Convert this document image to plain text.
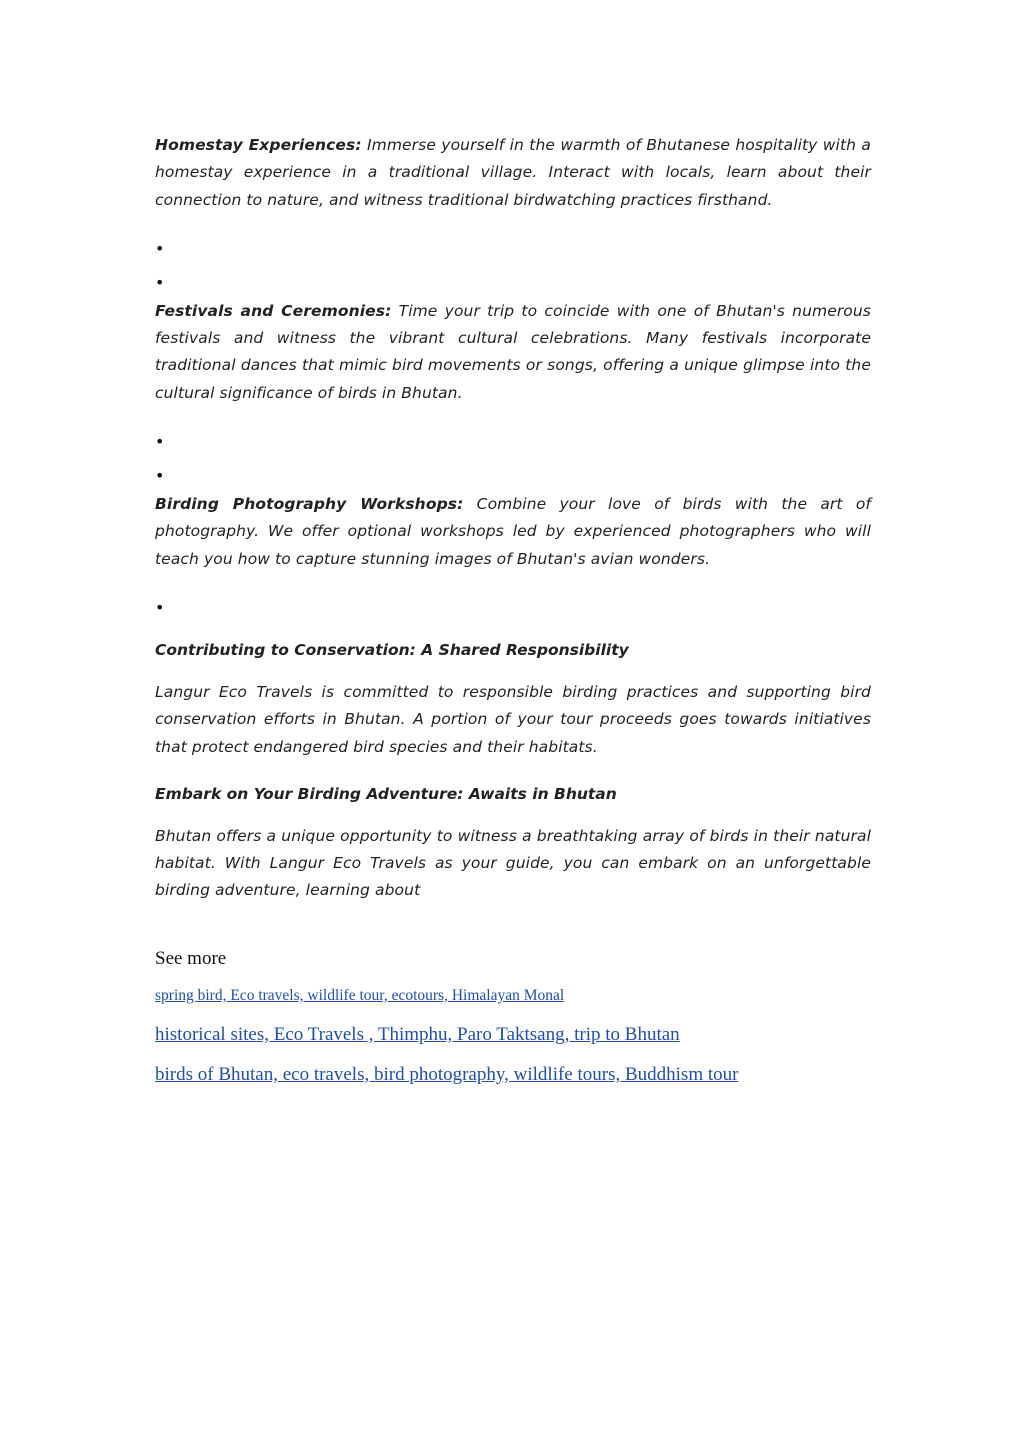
Homestay Experiences: Immerse yourself in the warmth of Bhutanese hospitality with a homestay experience in a traditional village. Interact with locals, learn about their connection to nature, and witness traditional birdwatching practices firsthand.

•

•

Festivals and Ceremonies: Time your trip to coincide with one of Bhutan's numerous festivals and witness the vibrant cultural celebrations. Many festivals incorporate traditional dances that mimic bird movements or songs, offering a unique glimpse into the cultural significance of birds in Bhutan.

•

•

Birding Photography Workshops: Combine your love of birds with the art of photography. We offer optional workshops led by experienced photographers who will teach you how to capture stunning images of Bhutan's avian wonders.

•

Contributing to Conservation: A Shared Responsibility

Langur Eco Travels is committed to responsible birding practices and supporting bird conservation efforts in Bhutan. A portion of your tour proceeds goes towards initiatives that protect endangered bird species and their habitats.

Embark on Your Birding Adventure: Awaits in Bhutan

Bhutan offers a unique opportunity to witness a breathtaking array of birds in their natural habitat. With Langur Eco Travels as your guide, you can embark on an unforgettable birding adventure, learning about

See more

spring bird, Eco travels, wildlife tour, ecotours, Himalayan Monal
historical sites, Eco Travels , Thimphu, Paro Taktsang, trip to Bhutan
birds of Bhutan, eco travels, bird photography, wildlife tours, Buddhism tour
